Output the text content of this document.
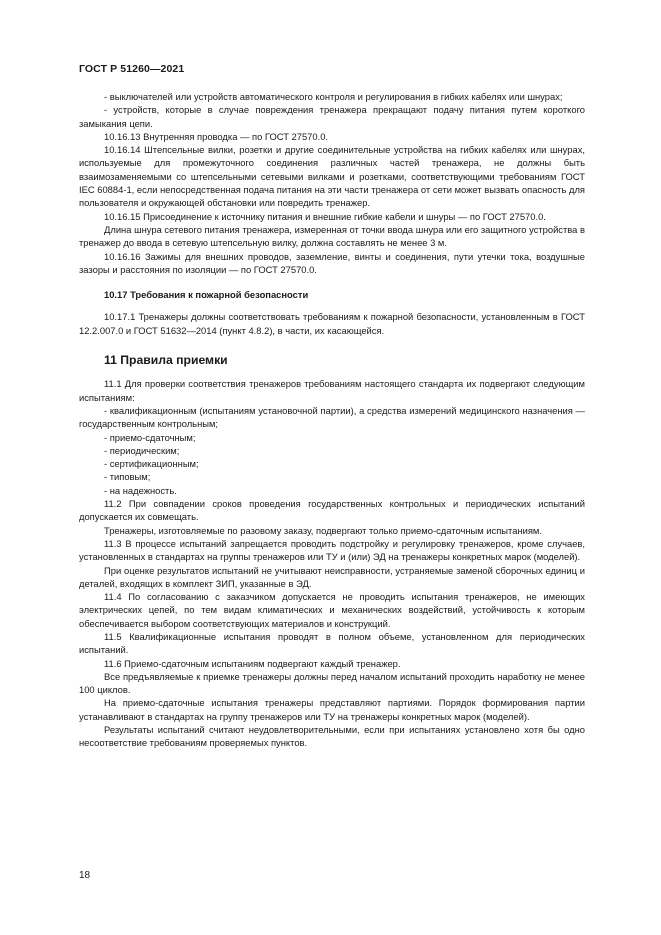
ГОСТ Р 51260—2021

- выключателей или устройств автоматического контроля и регулирования в гибких кабелях или шнурах;

- устройств, которые в случае повреждения тренажера прекращают подачу питания путем короткого замыкания цепи.

10.16.13 Внутренняя проводка — по ГОСТ 27570.0.

10.16.14 Штепсельные вилки, розетки и другие соединительные устройства на гибких кабелях или шнурах, используемые для промежуточного соединения различных частей тренажера, не должны быть взаимозаменяемыми со штепсельными сетевыми вилками и розетками, соответствующими требованиям ГОСТ IEC 60884-1, если непосредственная подача питания на эти части тренажера от сети может вызвать опасность для пользователя и окружающей обстановки или повредить тренажер.

10.16.15 Присоединение к источнику питания и внешние гибкие кабели и шнуры — по ГОСТ 27570.0.

Длина шнура сетевого питания тренажера, измеренная от точки ввода шнура или его защитного устройства в тренажер до ввода в сетевую штепсельную вилку, должна составлять не менее 3 м.

10.16.16 Зажимы для внешних проводов, заземление, винты и соединения, пути утечки тока, воздушные зазоры и расстояния по изоляции — по ГОСТ 27570.0.

10.17 Требования к пожарной безопасности

10.17.1 Тренажеры должны соответствовать требованиям к пожарной безопасности, установленным в ГОСТ 12.2.007.0 и ГОСТ 51632—2014 (пункт 4.8.2), в части, их касающейся.

11 Правила приемки

11.1 Для проверки соответствия тренажеров требованиям настоящего стандарта их подвергают следующим испытаниям:

- квалификационным (испытаниям установочной партии), а средства измерений медицинского назначения — государственным контрольным;

- приемо-сдаточным;

- периодическим;

- сертификационным;

- типовым;

- на надежность.

11.2 При совпадении сроков проведения государственных контрольных и периодических испытаний допускается их совмещать.

Тренажеры, изготовляемые по разовому заказу, подвергают только приемо-сдаточным испытаниям.

11.3 В процессе испытаний запрещается проводить подстройку и регулировку тренажеров, кроме случаев, установленных в стандартах на группы тренажеров или ТУ и (или) ЭД на тренажеры конкретных марок (моделей).

При оценке результатов испытаний не учитывают неисправности, устраняемые заменой сборочных единиц и деталей, входящих в комплект ЗИП, указанные в ЭД.

11.4 По согласованию с заказчиком допускается не проводить испытания тренажеров, не имеющих электрических цепей, по тем видам климатических и механических воздействий, устойчивость к которым обеспечивается выбором соответствующих материалов и конструкций.

11.5 Квалификационные испытания проводят в полном объеме, установленном для периодических испытаний.

11.6 Приемо-сдаточным испытаниям подвергают каждый тренажер.

Все предъявляемые к приемке тренажеры должны перед началом испытаний проходить наработку не менее 100 циклов.

На приемо-сдаточные испытания тренажеры представляют партиями. Порядок формирования партии устанавливают в стандартах на группу тренажеров или ТУ на тренажеры конкретных марок (моделей).

Результаты испытаний считают неудовлетворительными, если при испытаниях установлено хотя бы одно несоответствие требованиям проверяемых пунктов.

18
